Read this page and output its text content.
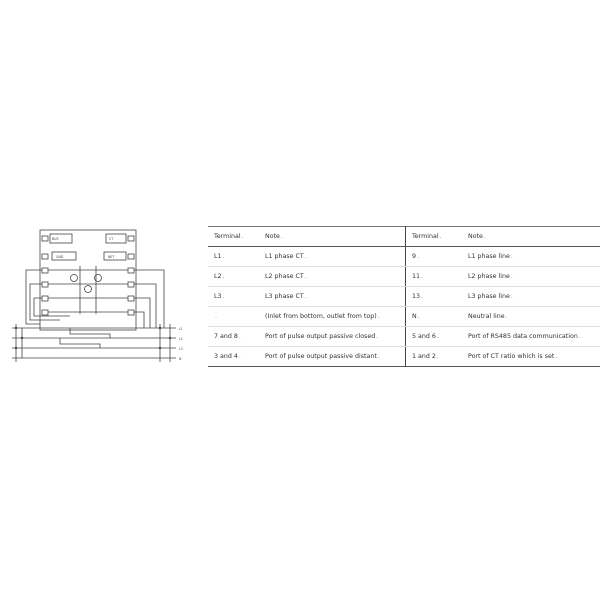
BUS	CT
GND	NET
L1
L2
L3
N
Terminal.	Note.	Terminal.	Note.
L1.	L1 phase CT.	9.	L1 phase line.
L2.	L2 phase CT.	11.	L2 phase line.
L3.	L3 phase CT.	13.	L3 phase line.
.	(Inlet from bottom, outlet from top).	N.	Neutral line.
7 and 8.	Port of pulse output passive closed.	5 and 6.	Port of RS485 data communication.
3 and 4.	Port of pulse output passive distant.	1 and 2.	Port of CT ratio which is set.
